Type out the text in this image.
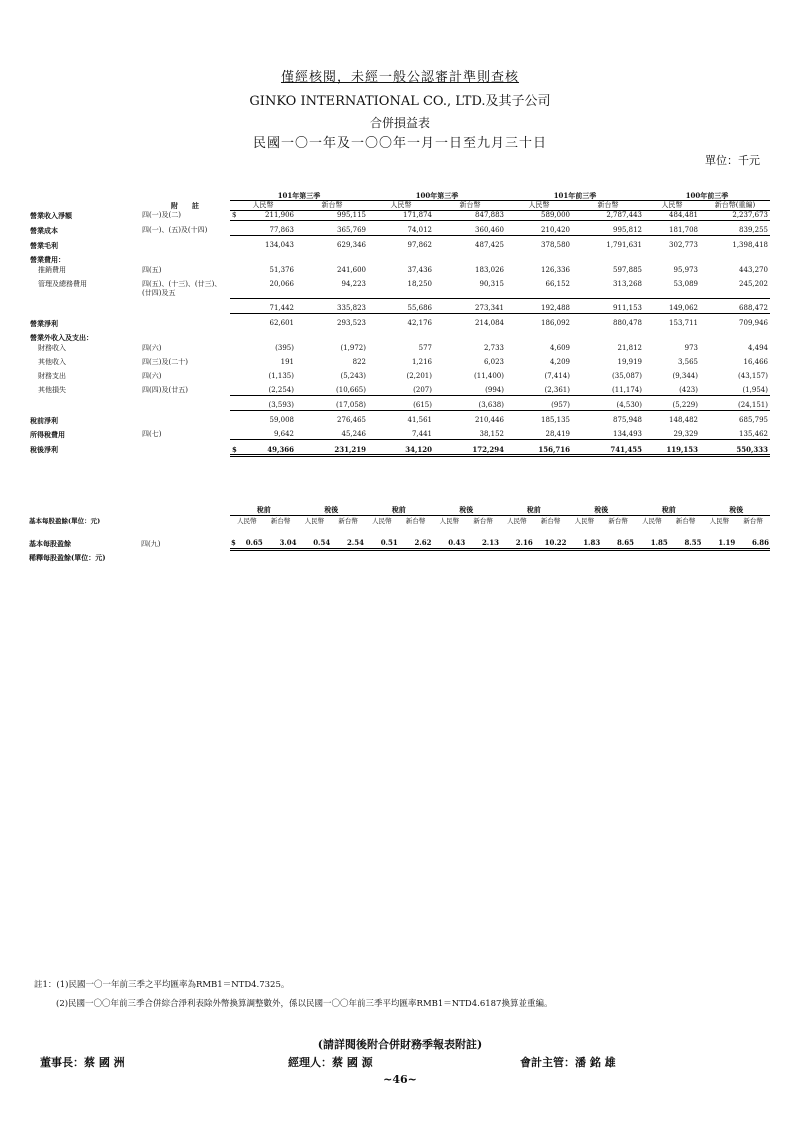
僅經核閱，未經一般公認審計準則查核
GINKO INTERNATIONAL CO., LTD.及其子公司
合併損益表
民國一〇一年及一〇〇年一月一日至九月三十日
單位：千元
		101年第三季		100年第三季		101年前三季		100年前三季	
	附　　註	人民幣	新台幣	人民幣	新台幣	人民幣	新台幣	人民幣	新台幣(重編)
營業收入淨額	四(一)及(二)	$ 211,906	995,115	171,874	847,883	589,000	2,787,443	484,481	2,237,673

營業成本	四(一)、(五)及(十四)	77,863	365,769	74,012	360,460	210,420	995,812	181,708	839,255

營業毛利		134,043	629,346	97,862	487,425	378,580	1,791,631	302,773	1,398,418

營業費用：									

推銷費用	四(五)	51,376	241,600	37,436	183,026	126,336	597,885	95,973	443,270

管理及總務費用	四(五)、(十三)、(廿三)、(廿四)及五	20,066	94,223	18,250	90,315	66,152	313,268	53,089	245,202

		71,442	335,823	55,686	273,341	192,488	911,153	149,062	688,472

營業淨利		62,601	293,523	42,176	214,084	186,092	880,478	153,711	709,946

營業外收入及支出：									

財務收入	四(六)	(395)	(1,972)	577	2,733	4,609	21,812	973	4,494

其他收入	四(三)及(二十)	191	822	1,216	6,023	4,209	19,919	3,565	16,466

財務支出	四(六)	(1,135)	(5,243)	(2,201)	(11,400)	(7,414)	(35,087)	(9,344)	(43,157)

其他損失	四(四)及(廿五)	(2,254)	(10,665)	(207)	(994)	(2,361)	(11,174)	(423)	(1,954)

		(3,593)	(17,058)	(615)	(3,638)	(957)	(4,530)	(5,229)	(24,151)

稅前淨利		59,008	276,465	41,561	210,446	185,135	875,948	148,482	685,795

所得稅費用	四(七)	9,642	45,246	7,441	38,152	28,419	134,493	29,329	135,462

稅後淨利		$ 49,366	231,219	34,120	172,294	156,716	741,455	119,153	550,333

		稅前		稅後		稅前		稅後		稅前		稅後		稅前		稅後	
基本每股盈餘(單位：元)		人民幣	新台幣	人民幣	新台幣	人民幣	新台幣	人民幣	新台幣	人民幣	新台幣	人民幣	新台幣	人民幣	新台幣	人民幣	新台幣

基本每股盈餘	四(九)	$ 0.65	3.04	0.54	2.54	0.51	2.62	0.43	2.13	2.16	10.22	1.83	8.65	1.85	8.55	1.19	6.86

稀釋每股盈餘(單位：元)																	
註1：(1)民國一〇一年前三季之平均匯率為RMB1＝NTD4.7325。
(2)民國一〇〇年前三季合併綜合淨利表除外幣換算調整數外，係以民國一〇〇年前三季平均匯率RMB1＝NTD4.6187換算並重編。
(請詳閱後附合併財務季報表附註)
董事長：蔡 國 洲	經理人：蔡 國 源	會計主管：潘 銘 雄
~46~
